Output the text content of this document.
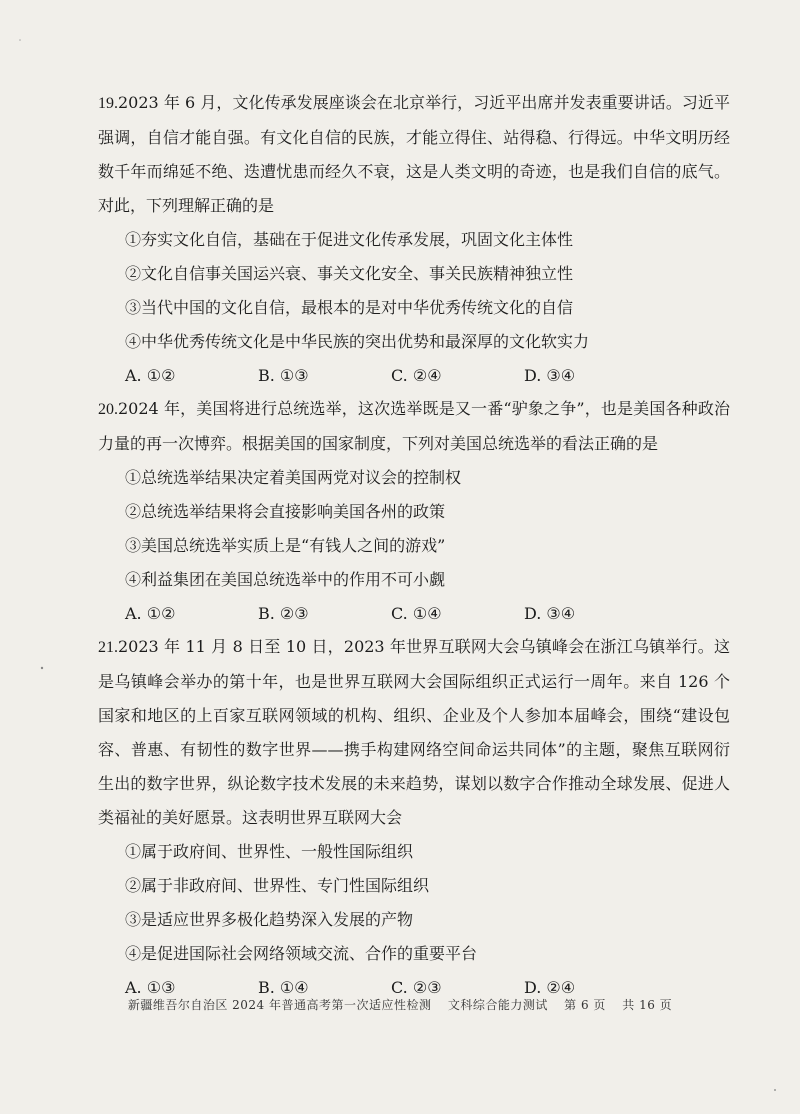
19.2023 年 6 月，文化传承发展座谈会在北京举行，习近平出席并发表重要讲话。习近平强调，自信才能自强。有文化自信的民族，才能立得住、站得稳、行得远。中华文明历经数千年而绵延不绝、迭遭忧患而经久不衰，这是人类文明的奇迹，也是我们自信的底气。对此，下列理解正确的是

①夯实文化自信，基础在于促进文化传承发展，巩固文化主体性

②文化自信事关国运兴衰、事关文化安全、事关民族精神独立性

③当代中国的文化自信，最根本的是对中华优秀传统文化的自信

④中华优秀传统文化是中华民族的突出优势和最深厚的文化软实力

A. ①②	B. ①③	C. ②④	D. ③④

20.2024 年，美国将进行总统选举，这次选举既是又一番“驴象之争”，也是美国各种政治力量的再一次博弈。根据美国的国家制度，下列对美国总统选举的看法正确的是

①总统选举结果决定着美国两党对议会的控制权

②总统选举结果将会直接影响美国各州的政策

③美国总统选举实质上是“有钱人之间的游戏”

④利益集团在美国总统选举中的作用不可小觑

A. ①②	B. ②③	C. ①④	D. ③④

21.2023 年 11 月 8 日至 10 日，2023 年世界互联网大会乌镇峰会在浙江乌镇举行。这是乌镇峰会举办的第十年，也是世界互联网大会国际组织正式运行一周年。来自 126 个国家和地区的上百家互联网领域的机构、组织、企业及个人参加本届峰会，围绕“建设包容、普惠、有韧性的数字世界——携手构建网络空间命运共同体”的主题，聚焦互联网衍生出的数字世界，纵论数字技术发展的未来趋势，谋划以数字合作推动全球发展、促进人类福祉的美好愿景。这表明世界互联网大会

①属于政府间、世界性、一般性国际组织

②属于非政府间、世界性、专门性国际组织

③是适应世界多极化趋势深入发展的产物

④是促进国际社会网络领域交流、合作的重要平台

A. ①③	B. ①④	C. ②③	D. ②④
新疆维吾尔自治区 2024 年普通高考第一次适应性检测 文科综合能力测试 第 6 页 共 16 页
